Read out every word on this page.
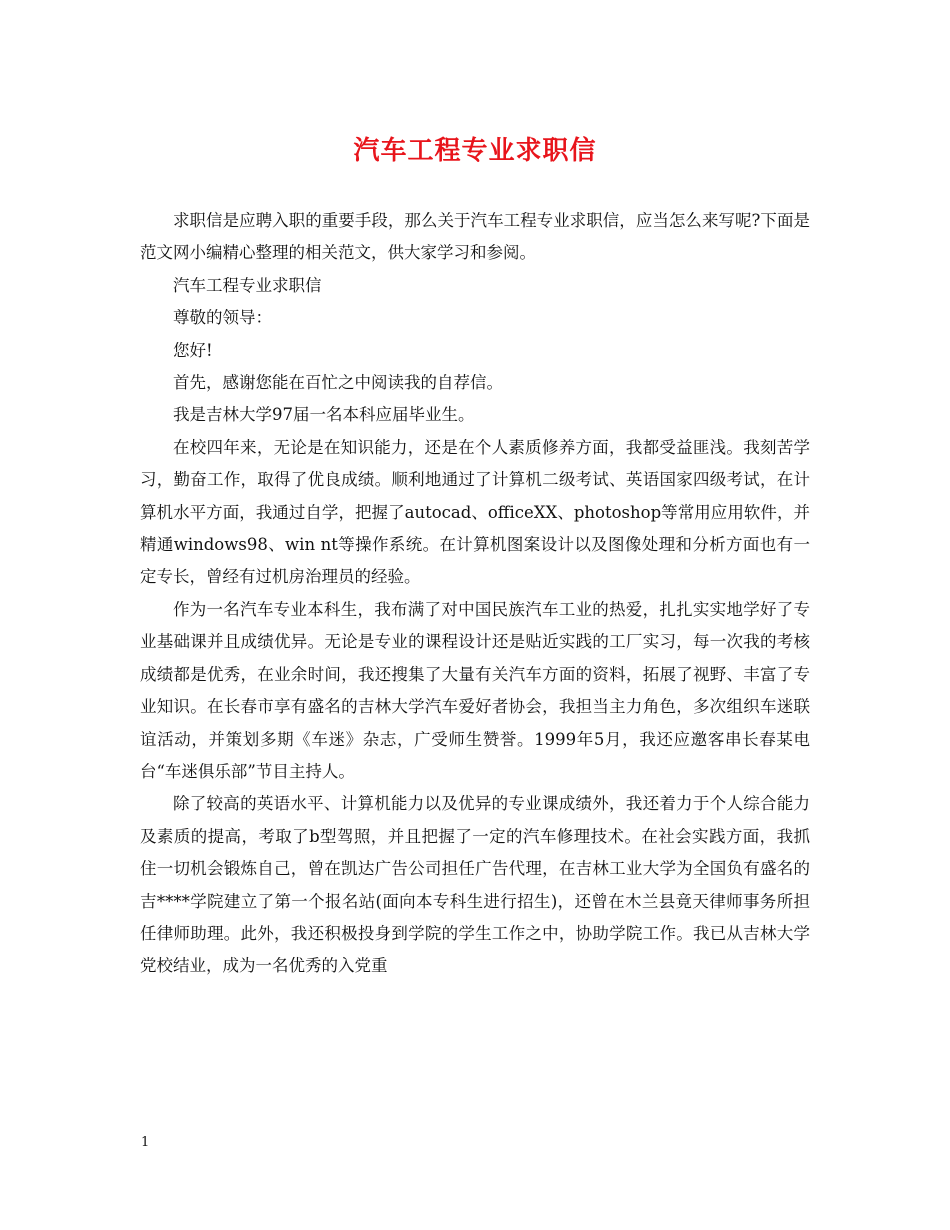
汽车工程专业求职信

求职信是应聘入职的重要手段，那么关于汽车工程专业求职信，应当怎么来写呢?下面是范文网小编精心整理的相关范文，供大家学习和参阅。

汽车工程专业求职信

尊敬的领导：

您好!

首先，感谢您能在百忙之中阅读我的自荐信。

我是吉林大学97届一名本科应届毕业生。

在校四年来，无论是在知识能力，还是在个人素质修养方面，我都受益匪浅。我刻苦学习，勤奋工作，取得了优良成绩。顺利地通过了计算机二级考试、英语国家四级考试，在计算机水平方面，我通过自学，把握了autocad、officeXX、photoshop等常用应用软件，并精通windows98、win nt等操作系统。在计算机图案设计以及图像处理和分析方面也有一定专长，曾经有过机房治理员的经验。

作为一名汽车专业本科生，我布满了对中国民族汽车工业的热爱，扎扎实实地学好了专业基础课并且成绩优异。无论是专业的课程设计还是贴近实践的工厂实习，每一次我的考核成绩都是优秀，在业余时间，我还搜集了大量有关汽车方面的资料，拓展了视野、丰富了专业知识。在长春市享有盛名的吉林大学汽车爱好者协会，我担当主力角色，多次组织车迷联谊活动，并策划多期《车迷》杂志，广受师生赞誉。1999年5月，我还应邀客串长春某电台“车迷俱乐部”节目主持人。

除了较高的英语水平、计算机能力以及优异的专业课成绩外，我还着力于个人综合能力及素质的提高，考取了b型驾照，并且把握了一定的汽车修理技术。在社会实践方面，我抓住一切机会锻炼自己，曾在凯达广告公司担任广告代理，在吉林工业大学为全国负有盛名的吉****学院建立了第一个报名站(面向本专科生进行招生)，还曾在木兰县竟天律师事务所担任律师助理。此外，我还积极投身到学院的学生工作之中，协助学院工作。我已从吉林大学党校结业，成为一名优秀的入党重

1
